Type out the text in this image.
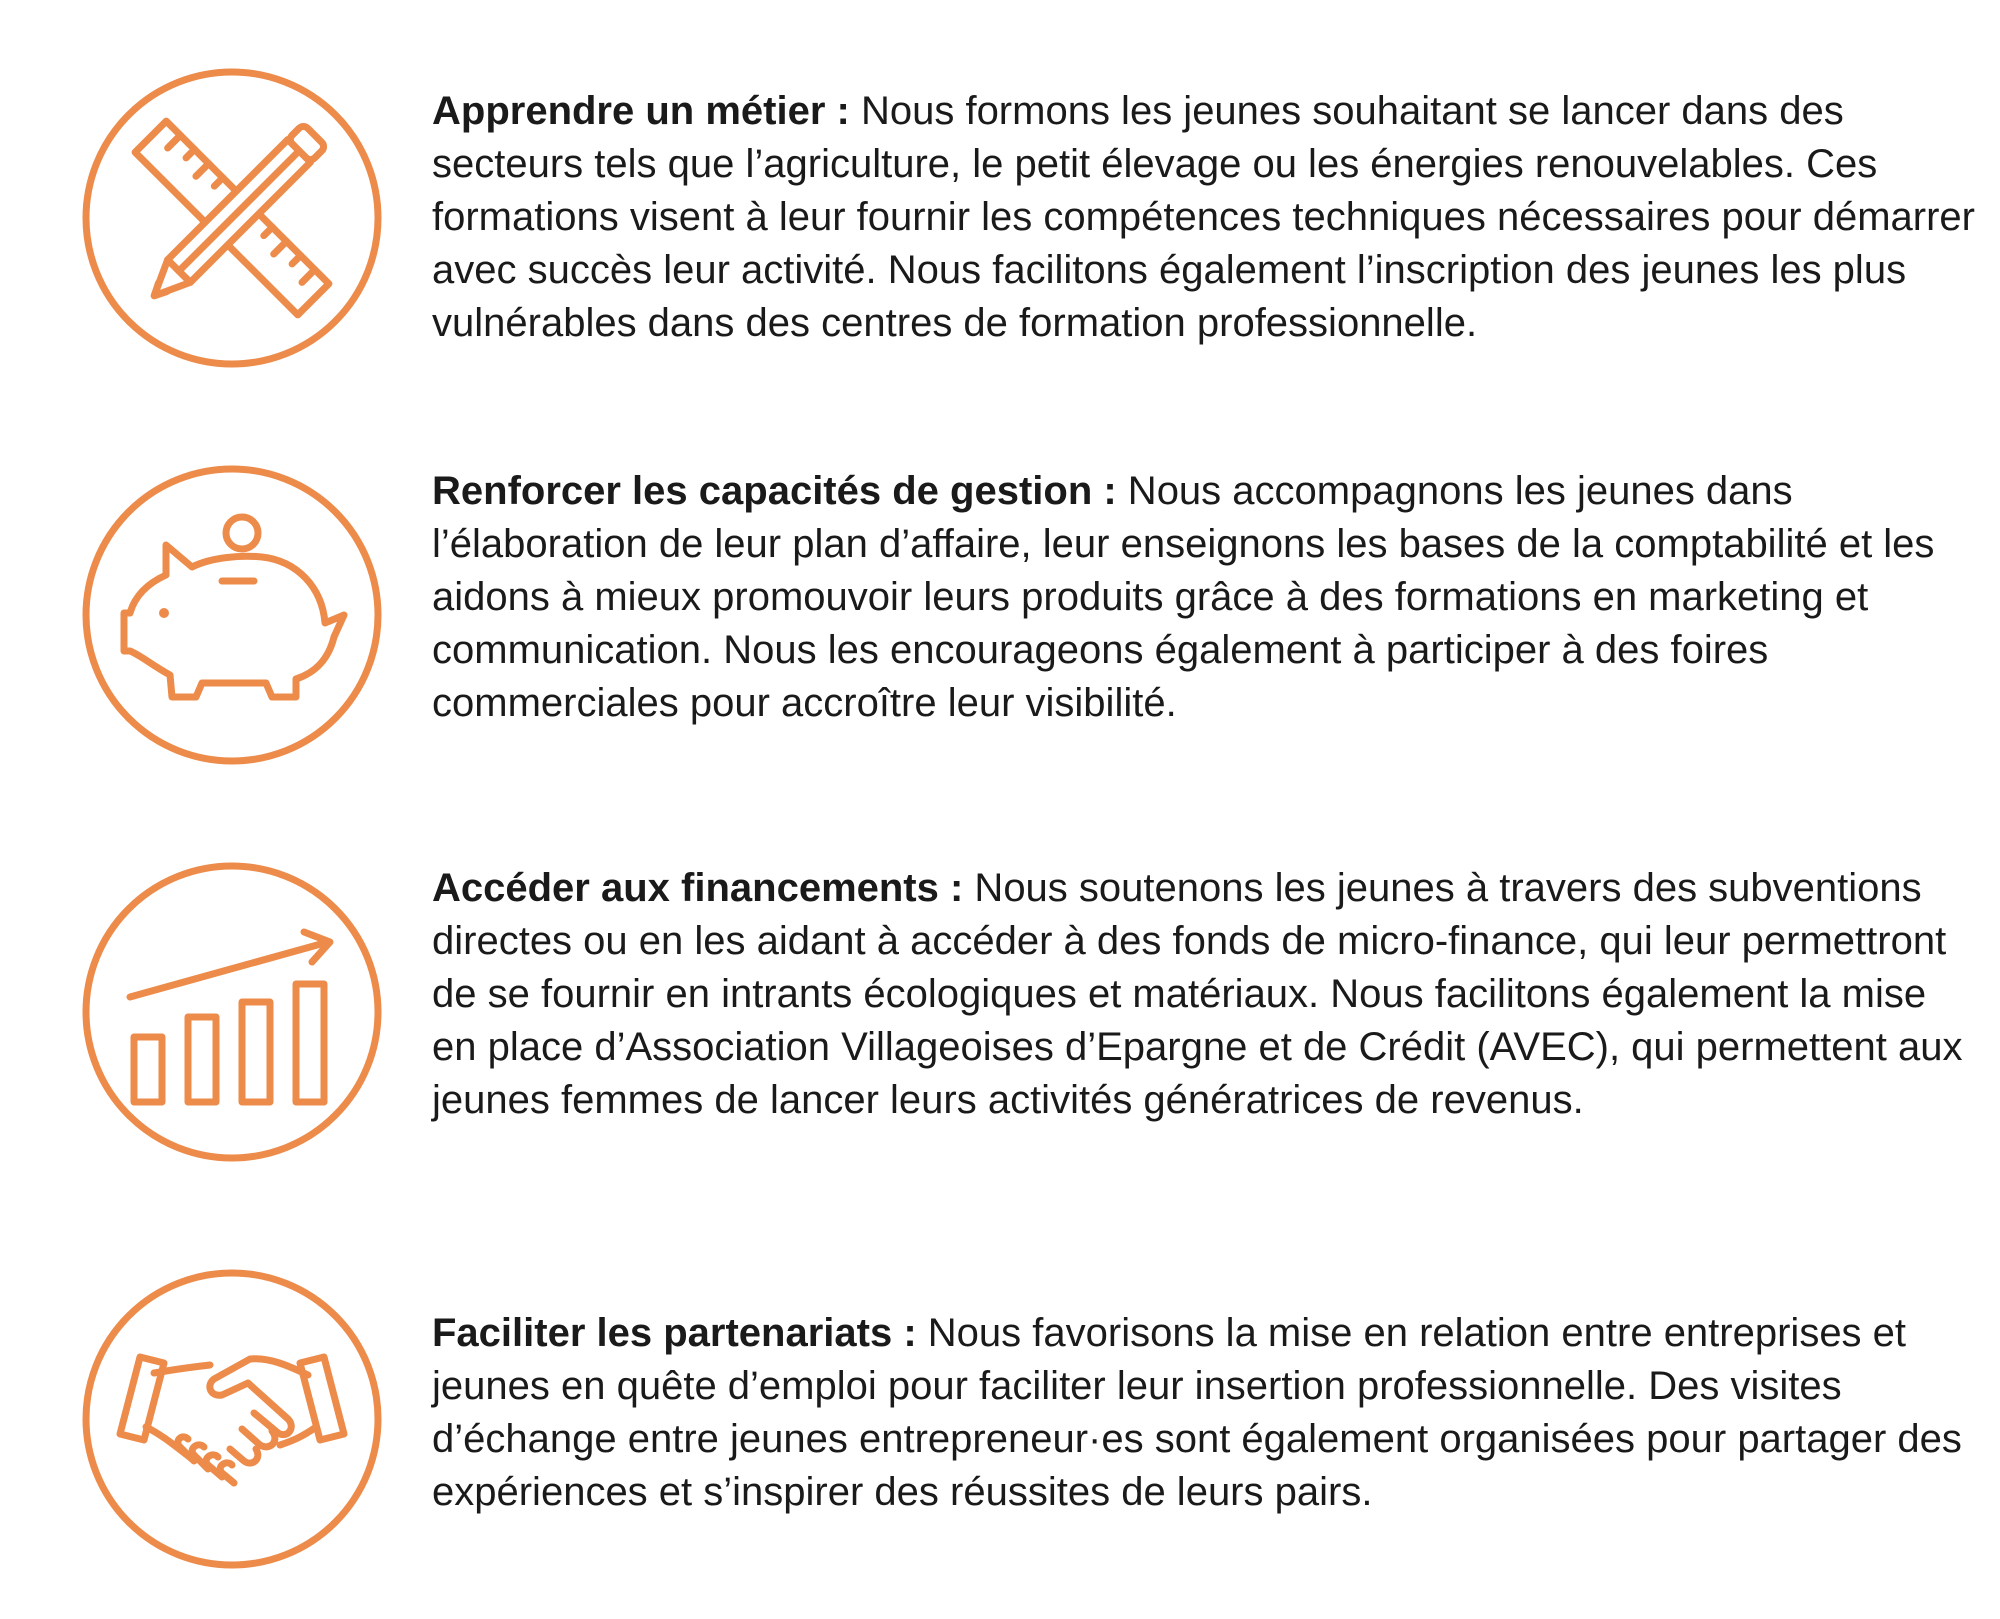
Apprendre un métier : Nous formons les jeunes souhaitant se lancer dans des secteurs tels que l’agriculture, le petit élevage ou les énergies renouvelables. Ces formations visent à leur fournir les compétences techniques nécessaires pour démarrer avec succès leur activité. Nous facilitons également l’inscription des jeunes les plus vulnérables dans des centres de formation professionnelle.

Renforcer les capacités de gestion : Nous accompagnons les jeunes dans l’élaboration de leur plan d’affaire, leur enseignons les bases de la comptabilité et les aidons à mieux promouvoir leurs produits grâce à des formations en marketing et communication. Nous les encourageons également à participer à des foires commerciales pour accroître leur visibilité.

Accéder aux financements : Nous soutenons les jeunes à travers des subventions directes ou en les aidant à accéder à des fonds de micro-finance, qui leur permettront de se fournir en intrants écologiques et matériaux. Nous facilitons également la mise en place d’Association Villageoises d’Epargne et de Crédit (AVEC), qui permettent aux jeunes femmes de lancer leurs activités génératrices de revenus.

Faciliter les partenariats : Nous favorisons la mise en relation entre entreprises et jeunes en quête d’emploi pour faciliter leur insertion professionnelle. Des visites d’échange entre jeunes entrepreneur·es sont également organisées pour partager des expériences et s’inspirer des réussites de leurs pairs.
